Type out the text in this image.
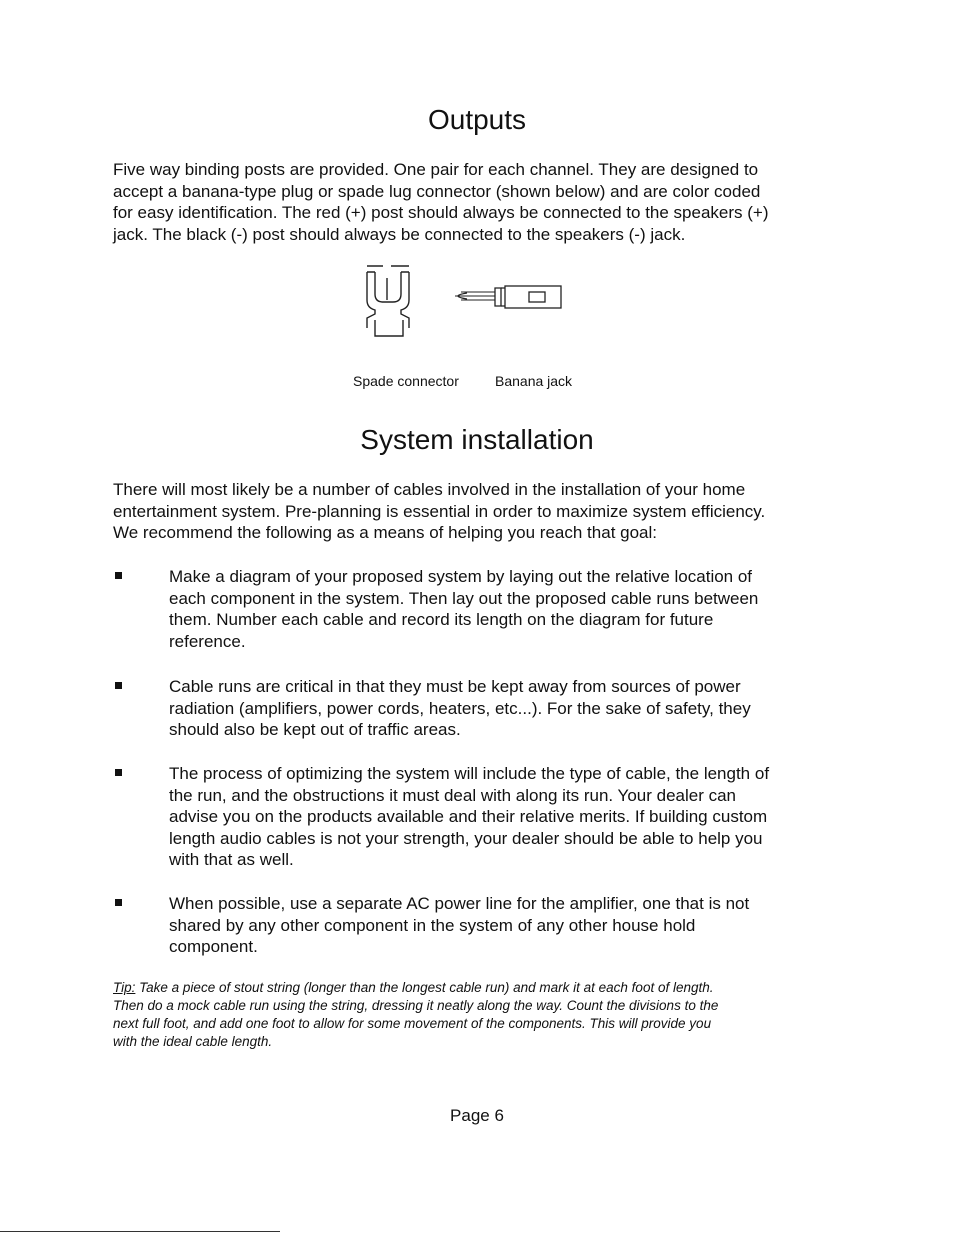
Outputs

Five way binding posts are provided. One pair for each channel. They are designed to
accept a banana-type plug or spade lug connector (shown below) and are color coded
for easy identification. The red (+) post should always be connected to the speakers (+)
jack. The black (-) post should always be connected to the speakers (-) jack.

Spade connector	Banana jack
System installation

There will most likely be a number of cables involved in the installation of your home
entertainment system. Pre-planning is essential in order to maximize system efficiency.
We recommend the following as a means of helping you reach that goal:

Make a diagram of your proposed system by laying out the relative location of
each component in the system. Then lay out the proposed cable runs between
them. Number each cable and record its length on the diagram for future
reference.

Cable runs are critical in that they must be kept away from sources of power
radiation (amplifiers, power cords, heaters, etc...). For the sake of safety, they
should also be kept out of traffic areas.

The process of optimizing the system will include the type of cable, the length of
the run, and the obstructions it must deal with along its run. Your dealer can
advise you on the products available and their relative merits. If building custom
length audio cables is not your strength, your dealer should be able to help you
with that as well.

When possible, use a separate AC power line for the amplifier, one that is not
shared by any other component in the system of any other house hold
component.

Tip: Take a piece of stout string (longer than the longest cable run) and mark it at each foot of length.
Then do a mock cable run using the string, dressing it neatly along the way. Count the divisions to the
next full foot, and add one foot to allow for some movement of the components. This will provide you
with the ideal cable length.

Page 6
